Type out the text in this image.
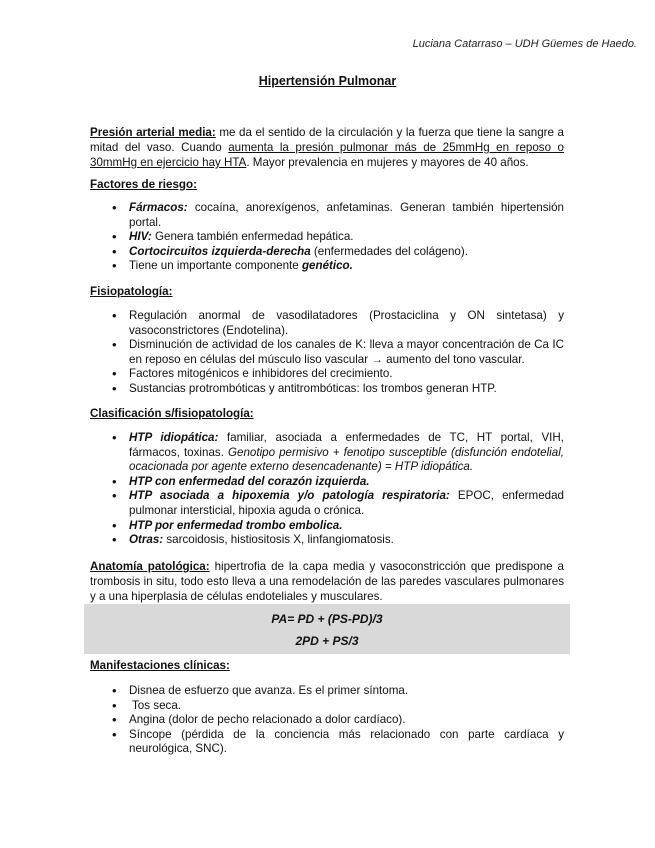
Luciana Catarraso – UDH Güemes de Haedo.
Hipertensión Pulmonar
Presión arterial media: me da el sentido de la circulación y la fuerza que tiene la sangre a mitad del vaso. Cuando aumenta la presión pulmonar más de 25mmHg en reposo o 30mmHg en ejercicio hay HTA. Mayor prevalencia en mujeres y mayores de 40 años.
Factores de riesgo:
• Fármacos: cocaína, anorexígenos, anfetaminas. Generan también hipertensión portal.
• HIV: Genera también enfermedad hepática.
• Cortocircuitos izquierda-derecha (enfermedades del colágeno).
• Tiene un importante componente genético.
Fisiopatología:
• Regulación anormal de vasodilatadores (Prostaciclina y ON sintetasa) y vasoconstrictores (Endotelina).
• Disminución de actividad de los canales de K: lleva a mayor concentración de Ca IC en reposo en células del músculo liso vascular → aumento del tono vascular.
• Factores mitogénicos e inhibidores del crecimiento.
• Sustancias protrombóticas y antitrombóticas: los trombos generan HTP.
Clasificación s/fisiopatología:
• HTP idiopática: familiar, asociada a enfermedades de TC, HT portal, VIH, fármacos, toxinas. Genotipo permisivo + fenotipo susceptible (disfunción endotelial, ocacionada por agente externo desencadenante) = HTP idiopática.
• HTP con enfermedad del corazón izquierda.
• HTP asociada a hipoxemia y/o patología respiratoria: EPOC, enfermedad pulmonar intersticial, hipoxia aguda o crónica.
• HTP por enfermedad trombo embolica.
• Otras: sarcoidosis, histiositosis X, linfangiomatosis.
Anatomía patológica: hipertrofia de la capa media y vasoconstricción que predispone a trombosis in situ, todo esto lleva a una remodelación de las paredes vasculares pulmonares y a una hiperplasia de células endoteliales y musculares.
PA= PD + (PS-PD)/3
2PD + PS/3
Manifestaciones clínicas:
• Disnea de esfuerzo que avanza. Es el primer síntoma.
•  Tos seca.
• Angina (dolor de pecho relacionado a dolor cardíaco).
• Síncope (pérdida de la conciencia más relacionado con parte cardíaca y neurológica, SNC).
